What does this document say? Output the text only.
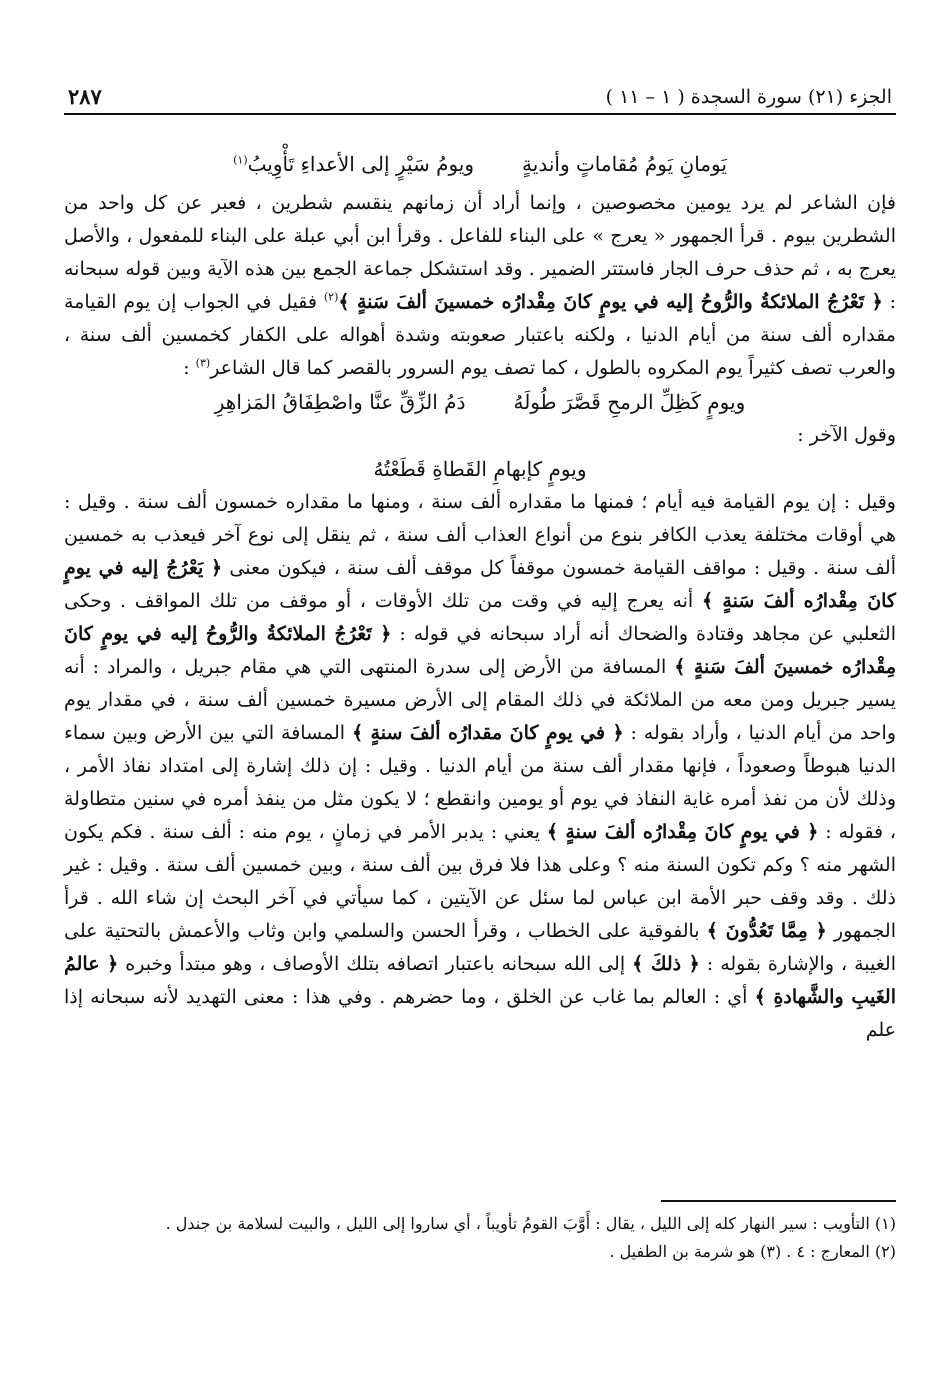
الجزء (٢١) سورة السجدة ( ١ – ١١ )
٢٨٧
يَومانِ يَومُ مُقاماتٍ وأنديةٍ
ويومُ سَيْرٍ إلى الأعداءِ تَأْوِيبُ$^{(١)}$

فإن الشاعر لم يرد يومين مخصوصين ، وإنما أراد أن زمانهم ينقسم شطرين ، فعبر عن كل واحد من الشطرين بيوم . قرأ الجمهور « يعرج » على البناء للفاعل . وقرأ ابن أبي عبلة على البناء للمفعول ، والأصل يعرج به ، ثم حذف حرف الجار فاستتر الضمير . وقد استشكل جماعة الجمع بين هذه الآية وبين قوله سبحانه : ﴿ تَعْرُجُ الملائكةُ والرُّوحُ إليه في يومٍ كانَ مِقْدارُه خمسينَ ألفَ سَنةٍ ﴾$^{(٢)}$ فقيل في الجواب إن يوم القيامة مقداره ألف سنة من أيام الدنيا ، ولكنه باعتبار صعوبته وشدة أهواله على الكفار كخمسين ألف سنة ، والعرب تصف كثيراً يوم المكروه بالطول ، كما تصف يوم السرور بالقصر كما قال الشاعر$^{(٣)}$ :

ويومٍ كَظِلِّ الرمحِ قَصَّرَ طُولَهُ
دَمُ الزِّقِّ عنَّا واصْطِفَاقُ المَزاهِرِ

وقول الآخر :

ويومٍ كإبهامِ القَطاةِ قَطَعْتُهُ

وقيل : إن يوم القيامة فيه أيام ؛ فمنها ما مقداره ألف سنة ، ومنها ما مقداره خمسون ألف سنة . وقيل : هي أوقات مختلفة يعذب الكافر بنوع من أنواع العذاب ألف سنة ، ثم ينقل إلى نوع آخر فيعذب به خمسين ألف سنة . وقيل : مواقف القيامة خمسون موقفاً كل موقف ألف سنة ، فيكون معنى ﴿ يَعْرُجُ إليه في يومٍ كانَ مِقْدارُه ألفَ سَنةٍ ﴾ أنه يعرج إليه في وقت من تلك الأوقات ، أو موقف من تلك المواقف . وحكى الثعلبي عن مجاهد وقتادة والضحاك أنه أراد سبحانه في قوله : ﴿ تَعْرُجُ الملائكةُ والرُّوحُ إليه في يومٍ كانَ مِقْدارُه خمسينَ ألفَ سَنةٍ ﴾ المسافة من الأرض إلى سدرة المنتهى التي هي مقام جبريل ، والمراد : أنه يسير جبريل ومن معه من الملائكة في ذلك المقام إلى الأرض مسيرة خمسين ألف سنة ، في مقدار يوم واحد من أيام الدنيا ، وأراد بقوله : ﴿ في يومٍ كانَ مقدارُه ألفَ سنةٍ ﴾ المسافة التي بين الأرض وبين سماء الدنيا هبوطاً وصعوداً ، فإنها مقدار ألف سنة من أيام الدنيا . وقيل : إن ذلك إشارة إلى امتداد نفاذ الأمر ، وذلك لأن من نفذ أمره غاية النفاذ في يوم أو يومين وانقطع ؛ لا يكون مثل من ينفذ أمره في سنين متطاولة ، فقوله : ﴿ في يومٍ كانَ مِقْدارُه ألفَ سنةٍ ﴾ يعني : يدبر الأمر في زمانٍ ، يوم منه : ألف سنة . فكم يكون الشهر منه ؟ وكم تكون السنة منه ؟ وعلى هذا فلا فرق بين ألف سنة ، وبين خمسين ألف سنة . وقيل : غير ذلك . وقد وقف حبر الأمة ابن عباس لما سئل عن الآيتين ، كما سيأتي في آخر البحث إن شاء الله . قرأ الجمهور ﴿ مِمَّا تَعُدُّونَ ﴾ بالفوقية على الخطاب ، وقرأ الحسن والسلمي وابن وثاب والأعمش بالتحتية على الغيبة ، والإشارة بقوله : ﴿ ذلكَ ﴾ إلى الله سبحانه باعتبار اتصافه بتلك الأوصاف ، وهو مبتدأ وخبره ﴿ عالمُ الغَيبِ والشَّهادةِ ﴾ أي : العالم بما غاب عن الخلق ، وما حضرهم . وفي هذا : معنى التهديد لأنه سبحانه إذا علم

(١) التأويب : سير النهار كله إلى الليل ، يقال : أَوَّبَ القومُ تأويباً ، أي ساروا إلى الليل ، والبيت لسلامة بن جندل .

(٢) المعارج : ٤ . (٣) هو شرمة بن الطفيل .
